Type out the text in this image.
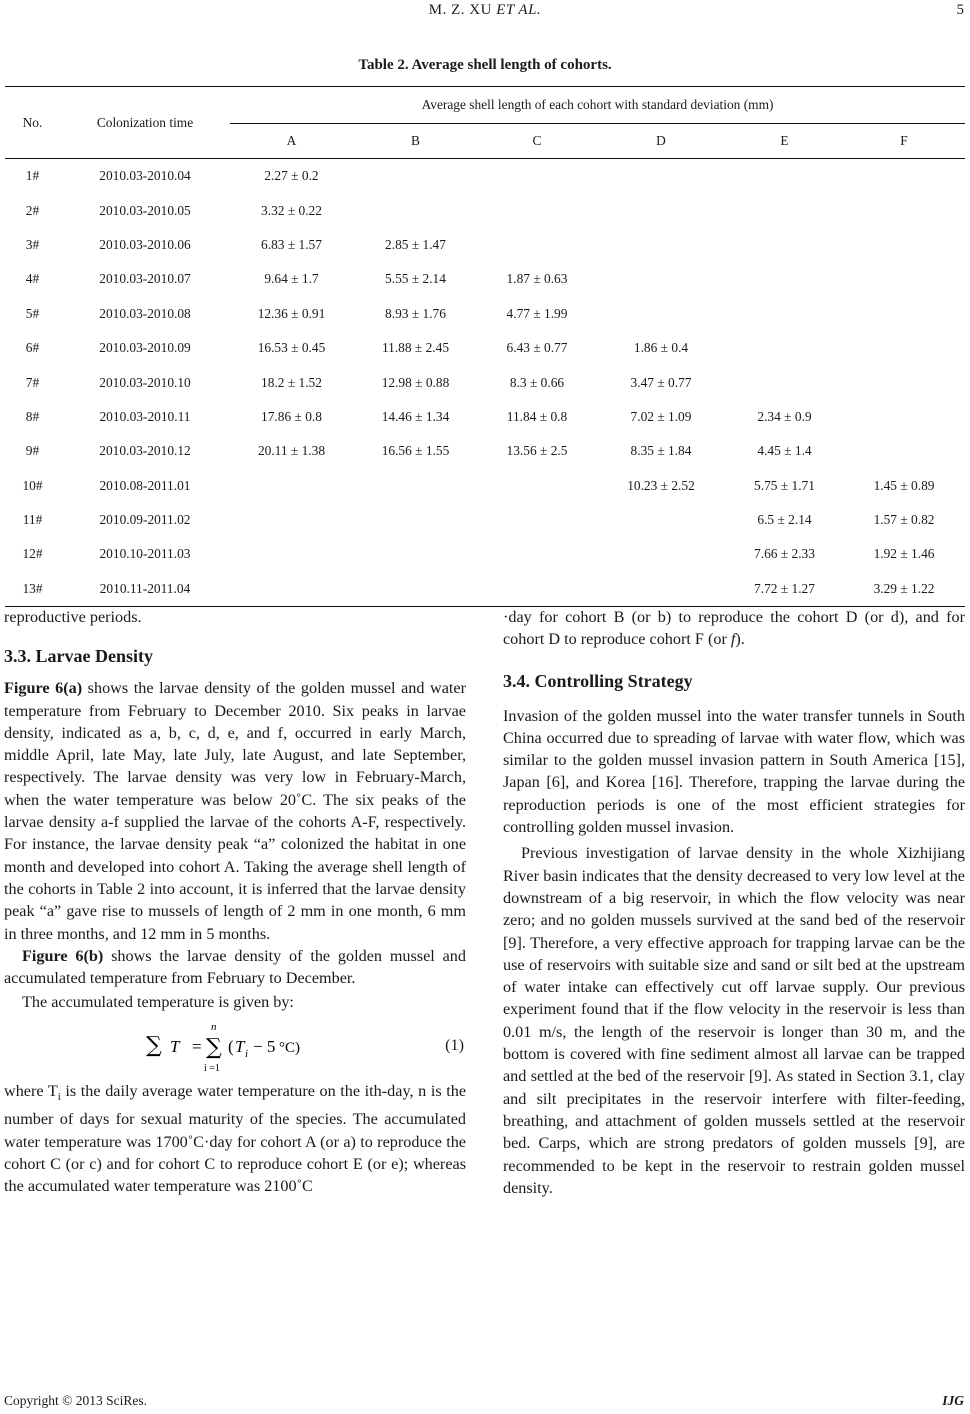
M. Z. XU ET AL.	5
Table 2. Average shell length of cohorts.
No.	Colonization time	Average shell length of each cohort with standard deviation (mm)					
		A	B	C	D	E	F
1#	2010.03-2010.04	2.27 ± 0.2					
2#	2010.03-2010.05	3.32 ± 0.22					
3#	2010.03-2010.06	6.83 ± 1.57	2.85 ± 1.47				
4#	2010.03-2010.07	9.64 ± 1.7	5.55 ± 2.14	1.87 ± 0.63			
5#	2010.03-2010.08	12.36 ± 0.91	8.93 ± 1.76	4.77 ± 1.99			
6#	2010.03-2010.09	16.53 ± 0.45	11.88 ± 2.45	6.43 ± 0.77	1.86 ± 0.4		
7#	2010.03-2010.10	18.2 ± 1.52	12.98 ± 0.88	8.3 ± 0.66	3.47 ± 0.77		
8#	2010.03-2010.11	17.86 ± 0.8	14.46 ± 1.34	11.84 ± 0.8	7.02 ± 1.09	2.34 ± 0.9	
9#	2010.03-2010.12	20.11 ± 1.38	16.56 ± 1.55	13.56 ± 2.5	8.35 ± 1.84	4.45 ± 1.4	
10#	2010.08-2011.01				10.23 ± 2.52	5.75 ± 1.71	1.45 ± 0.89
11#	2010.09-2011.02					6.5 ± 2.14	1.57 ± 0.82
12#	2010.10-2011.03					7.66 ± 2.33	1.92 ± 1.46
13#	2010.11-2011.04					7.72 ± 1.27	3.29 ± 1.22

reproductive periods.

3.3. Larvae Density

Figure 6(a) shows the larvae density of the golden mussel and water temperature from February to December 2010. Six peaks in larvae density, indicated as a, b, c, d, e, and f, occurred in early March, middle April, late May, late July, late August, and late September, respectively. The larvae density was very low in February-March, when the water temperature was below 20˚C. The six peaks of the larvae density a-f supplied the larvae of the cohorts A-F, respectively. For instance, the larvae density peak “a” colonized the habitat in one month and developed into cohort A. Taking the average shell length of the cohorts in Table 2 into account, it is inferred that the larvae density peak “a” gave rise to mussels of length of 2 mm in one month, 6 mm in three months, and 12 mm in 5 months.

Figure 6(b) shows the larvae density of the golden mussel and accumulated temperature from February to December.

The accumulated temperature is given by:

∑ T =
n
∑
i =1
( T i − 5 °C)	(1)

where $T_i$ is the daily average water temperature on the ith-day, n is the number of days for sexual maturity of the species. The accumulated water temperature was 1700˚C·day for cohort A (or a) to reproduce the cohort C (or c) and for cohort C to reproduce cohort E (or e); whereas the accumulated water temperature was 2100˚C

·day for cohort B (or b) to reproduce the cohort D (or d), and for cohort D to reproduce cohort F (or f).

3.4. Controlling Strategy

Invasion of the golden mussel into the water transfer tunnels in South China occurred due to spreading of larvae with water flow, which was similar to the golden mussel invasion pattern in South America [15], Japan [6], and Korea [16]. Therefore, trapping the larvae during the reproduction periods is one of the most efficient strategies for controlling golden mussel invasion.

Previous investigation of larvae density in the whole Xizhijiang River basin indicates that the density decreased to very low level at the downstream of a big reservoir, in which the flow velocity was near zero; and no golden mussels survived at the sand bed of the reservoir [9]. Therefore, a very effective approach for trapping larvae can be the use of reservoirs with suitable size and sand or silt bed at the upstream of water intake can effectively cut off larvae supply. Our previous experiment found that if the flow velocity in the reservoir is less than 0.01 m/s, the length of the reservoir is longer than 30 m, and the bottom is covered with fine sediment almost all larvae can be trapped and settled at the bed of the reservoir [9]. As stated in Section 3.1, clay and silt precipitates in the reservoir interfere with filter-feeding, breathing, and attachment of golden mussels settled at the reservoir bed. Carps, which are strong predators of golden mussels [9], are recommended to be kept in the reservoir to restrain golden mussel density.

Copyright © 2013 SciRes.	IJG
